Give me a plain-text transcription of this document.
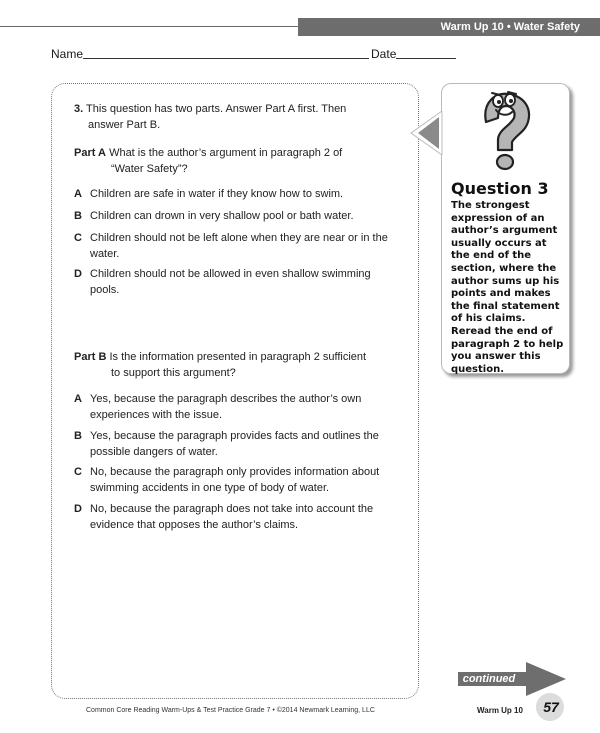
Warm Up 10 • Water Safety
Name	Date
3. This question has two parts. Answer Part A first. Then
answer Part B.
Part A What is the author’s argument in paragraph 2 of
“Water Safety”?
A Children are safe in water if they know how to swim.
B Children can drown in very shallow pool or bath water.
C Children should not be left alone when they are near or in the water.
D Children should not be allowed in even shallow swimming pools.
Part B Is the information presented in paragraph 2 sufficient
to support this argument?
A Yes, because the paragraph describes the author’s own experiences with the issue.
B Yes, because the paragraph provides facts and outlines the possible dangers of water.
C No, because the paragraph only provides information about swimming accidents in one type of body of water.
D No, because the paragraph does not take into account the evidence that opposes the author’s claims.
Question 3
The strongest expression of an author’s argument usually occurs at the end of the section, where the author sums up his points and makes the final statement of his claims. Reread the end of paragraph 2 to help you answer this question.
continued
Common Core Reading Warm-Ups & Test Practice Grade 7 • ©2014 Newmark Learning, LLC	Warm Up 10	57
